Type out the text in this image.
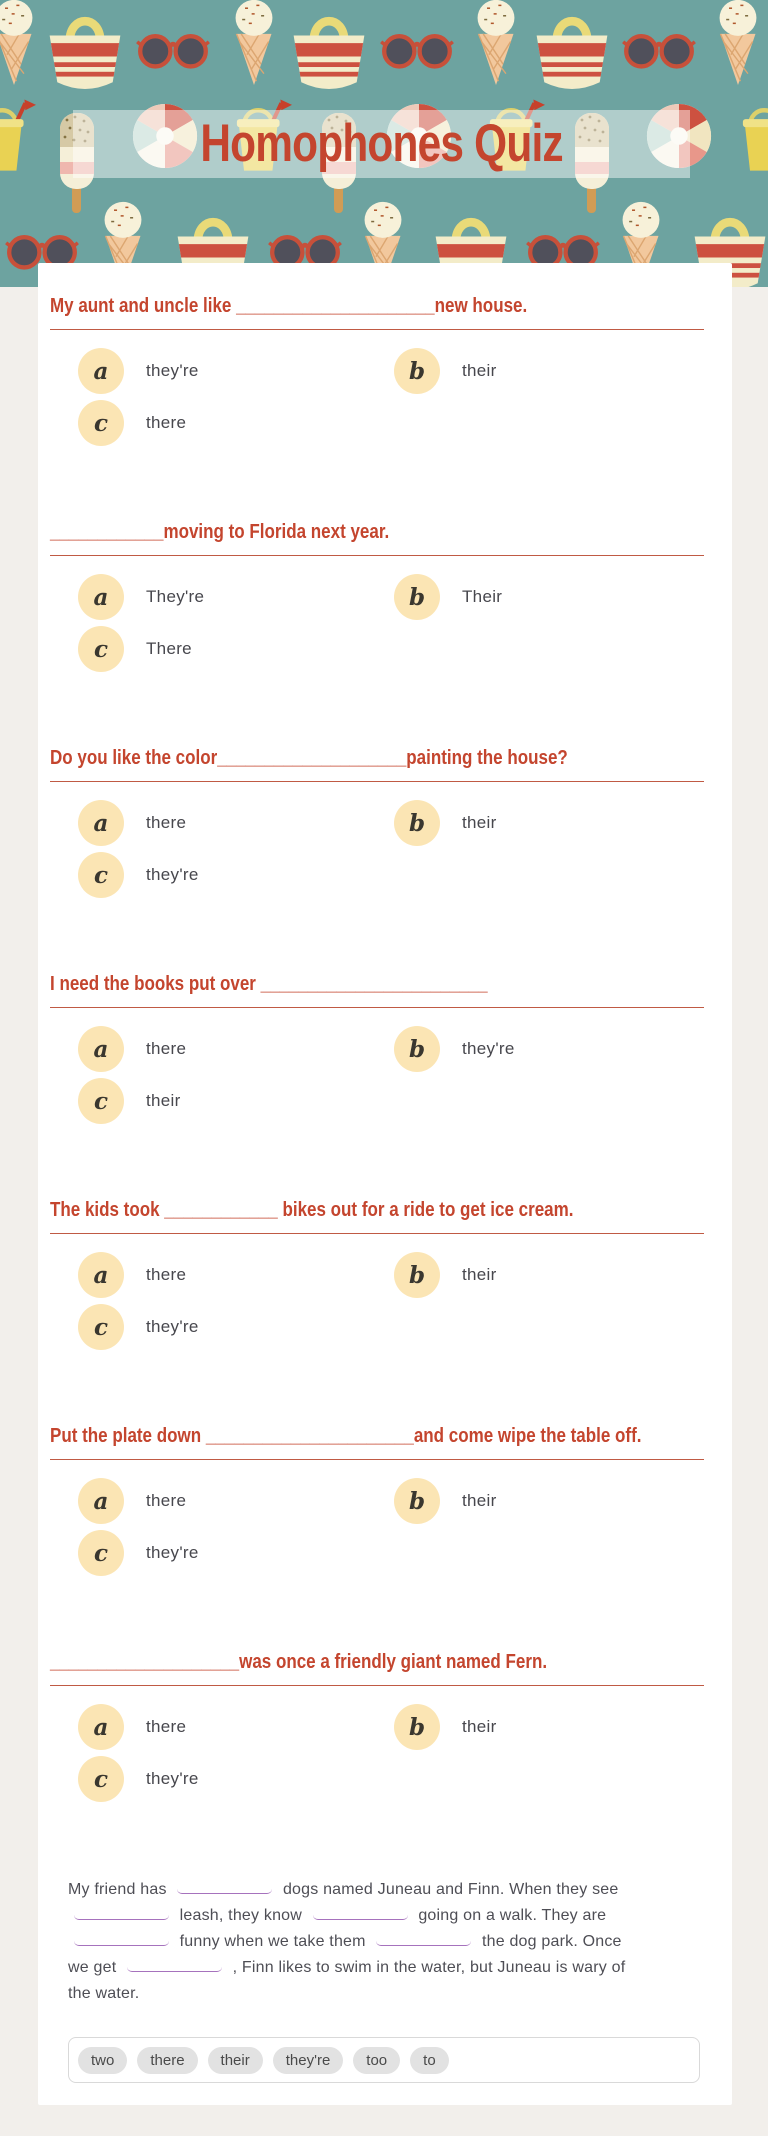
Homophones Quiz
My aunt and uncle like _____________________new house.
a	they're	b	their
c	there
____________moving to Florida next year.
a	They're	b	Their
c	There
Do you like the color____________________painting the house?
a	there	b	their
c	they're
I need the books put over ________________________
a	there	b	they're
c	their
The kids took ____________ bikes out for a ride to get ice cream.
a	there	b	their
c	they're
Put the plate down ______________________and come wipe the table off.
a	there	b	their
c	they're
____________________was once a friendly giant named Fern.
a	there	b	their
c	they're
My friend has	dogs named Juneau and Finn. When they see
leash, they know	going on a walk. They are
funny when we take them	the dog park. Once
we get	, Finn likes to swim in the water, but Juneau is wary of
the water.
two	there	their	they're	too	to
